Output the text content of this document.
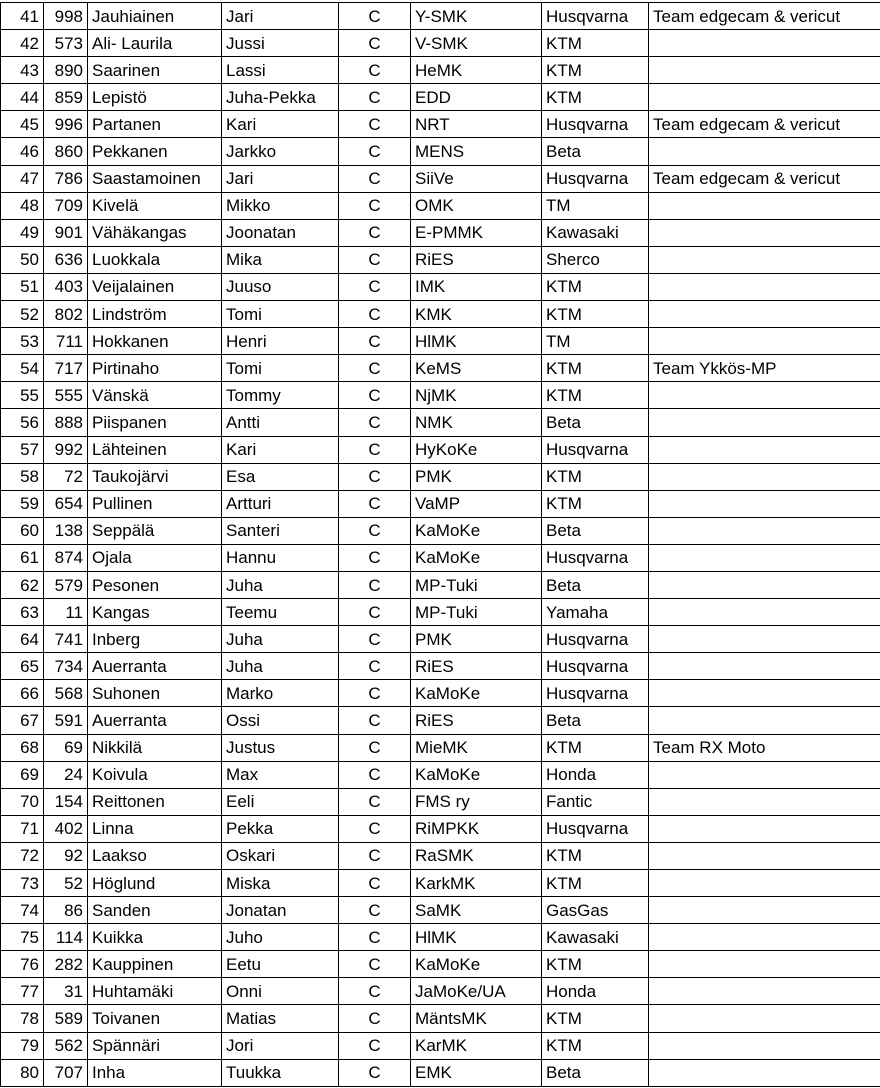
41	998	Jauhiainen	Jari	C	Y-SMK	Husqvarna	Team edgecam & vericut
42	573	Ali- Laurila	Jussi	C	V-SMK	KTM	
43	890	Saarinen	Lassi	C	HeMK	KTM	
44	859	Lepistö	Juha-Pekka	C	EDD	KTM	
45	996	Partanen	Kari	C	NRT	Husqvarna	Team edgecam & vericut
46	860	Pekkanen	Jarkko	C	MENS	Beta	
47	786	Saastamoinen	Jari	C	SiiVe	Husqvarna	Team edgecam & vericut
48	709	Kivelä	Mikko	C	OMK	TM	
49	901	Vähäkangas	Joonatan	C	E-PMMK	Kawasaki	
50	636	Luokkala	Mika	C	RiES	Sherco	
51	403	Veijalainen	Juuso	C	IMK	KTM	
52	802	Lindström	Tomi	C	KMK	KTM	
53	711	Hokkanen	Henri	C	HlMK	TM	
54	717	Pirtinaho	Tomi	C	KeMS	KTM	Team Ykkös-MP
55	555	Vänskä	Tommy	C	NjMK	KTM	
56	888	Piispanen	Antti	C	NMK	Beta	
57	992	Lähteinen	Kari	C	HyKoKe	Husqvarna	
58	72	Taukojärvi	Esa	C	PMK	KTM	
59	654	Pullinen	Artturi	C	VaMP	KTM	
60	138	Seppälä	Santeri	C	KaMoKe	Beta	
61	874	Ojala	Hannu	C	KaMoKe	Husqvarna	
62	579	Pesonen	Juha	C	MP-Tuki	Beta	
63	11	Kangas	Teemu	C	MP-Tuki	Yamaha	
64	741	Inberg	Juha	C	PMK	Husqvarna	
65	734	Auerranta	Juha	C	RiES	Husqvarna	
66	568	Suhonen	Marko	C	KaMoKe	Husqvarna	
67	591	Auerranta	Ossi	C	RiES	Beta	
68	69	Nikkilä	Justus	C	MieMK	KTM	Team RX Moto
69	24	Koivula	Max	C	KaMoKe	Honda	
70	154	Reittonen	Eeli	C	FMS ry	Fantic	
71	402	Linna	Pekka	C	RiMPKK	Husqvarna	
72	92	Laakso	Oskari	C	RaSMK	KTM	
73	52	Höglund	Miska	C	KarkMK	KTM	
74	86	Sanden	Jonatan	C	SaMK	GasGas	
75	114	Kuikka	Juho	C	HlMK	Kawasaki	
76	282	Kauppinen	Eetu	C	KaMoKe	KTM	
77	31	Huhtamäki	Onni	C	JaMoKe/UA	Honda	
78	589	Toivanen	Matias	C	MäntsMK	KTM	
79	562	Spännäri	Jori	C	KarMK	KTM	
80	707	Inha	Tuukka	C	EMK	Beta	
